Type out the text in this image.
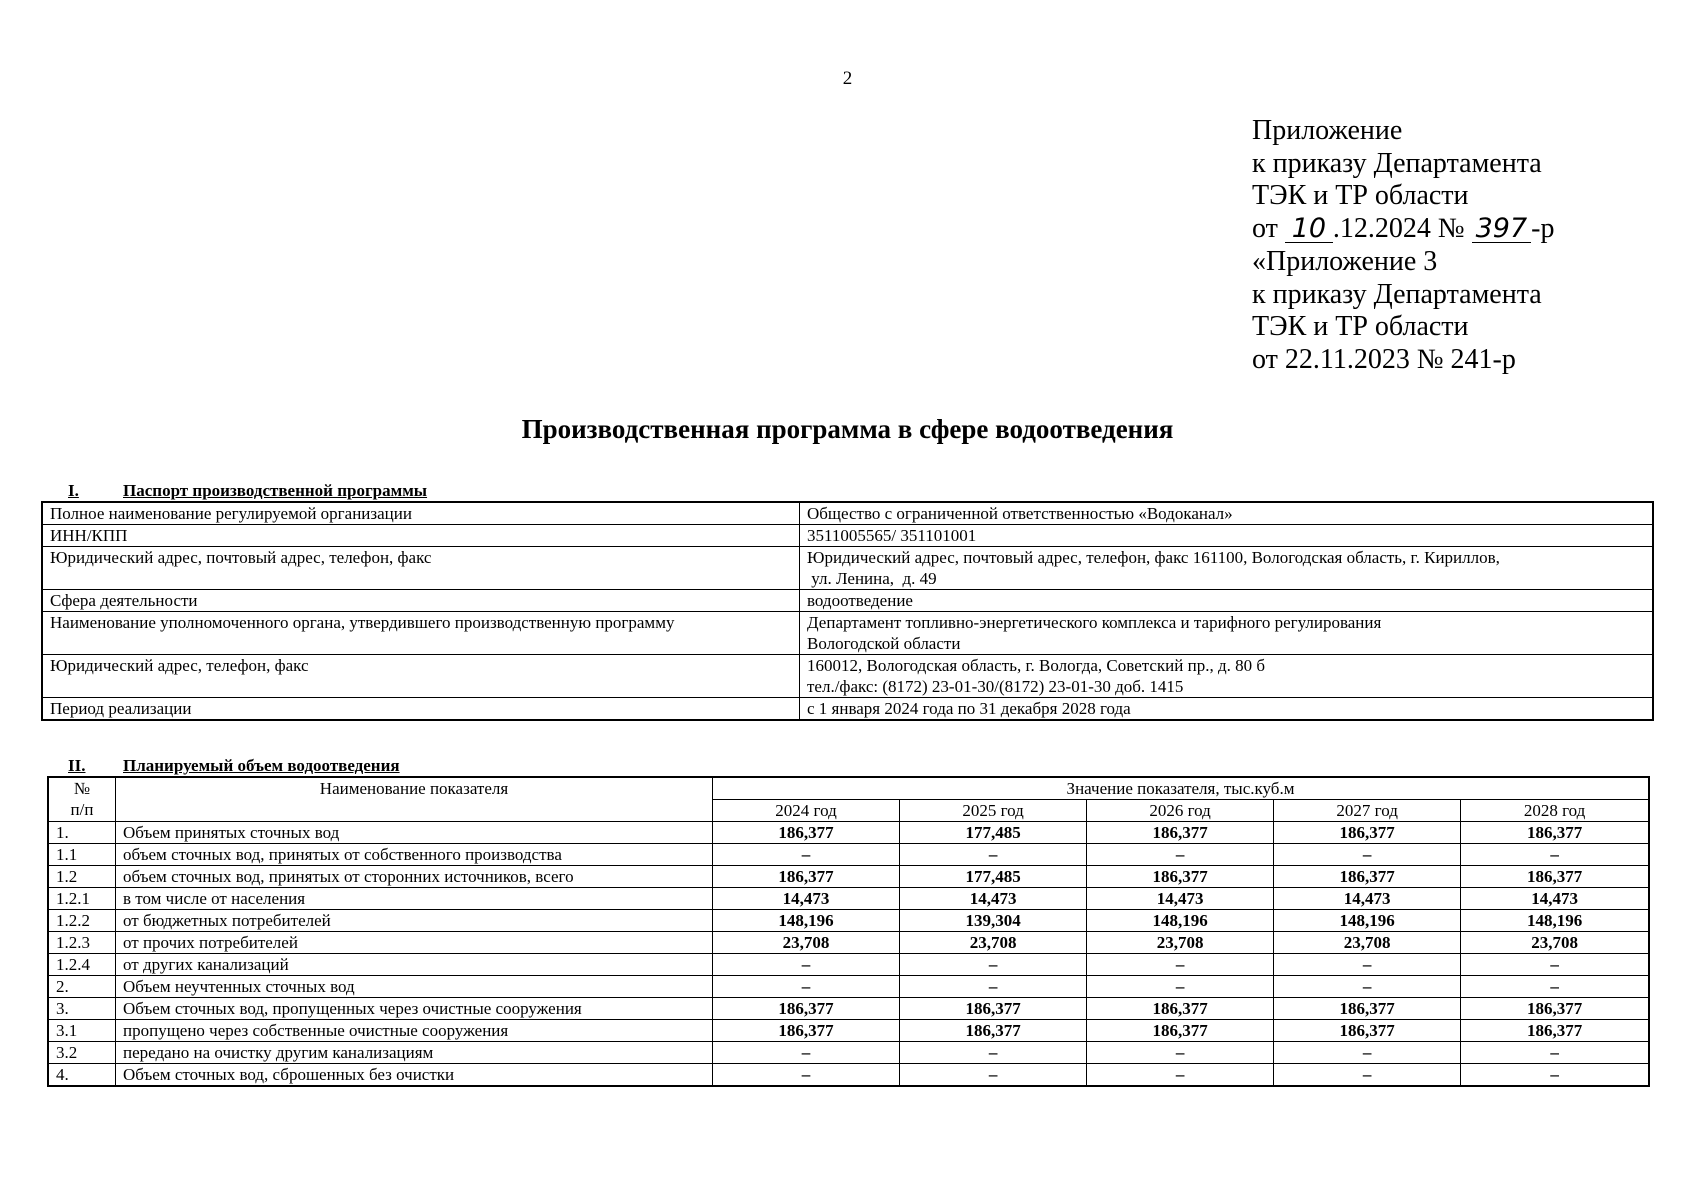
2
Приложение
к приказу Департамента
ТЭК и ТР области
от 10 .12.2024 № 397 -р
«Приложение 3
к приказу Департамента
ТЭК и ТР области
от 22.11.2023 № 241-р
Производственная программа в сфере водоотведения
I.	Паспорт производственной программы
Полное наименование регулируемой организации	Общество с ограниченной ответственностью «Водоканал»

ИНН/КПП	3511005565/ 351101001

Юридический адрес, почтовый адрес, телефон, факс	Юридический адрес, почтовый адрес, телефон, факс 161100, Вологодская область, г. Кириллов,
ул. Ленина,  д. 49

Сфера деятельности	водоотведение

Наименование уполномоченного органа, утвердившего производственную программу	Департамент топливно-энергетического комплекса и тарифного регулирования
Вологодской области

Юридический адрес, телефон, факс	160012, Вологодская область, г. Вологда, Советский пр., д. 80 б
тел./факс: (8172) 23-01-30/(8172) 23-01-30 доб. 1415

Период реализации	с 1 января 2024 года по 31 декабря 2028 года
II. Планируемый объем водоотведения
№
п/п	Наименование показателя	Значение показателя, тыс.куб.м				
		2024 год	2025 год	2026 год	2027 год	2028 год
1.	Объем принятых сточных вод	186,377	177,485	186,377	186,377	186,377
1.1	объем сточных вод, принятых от собственного производства	–	–	–	–	–
1.2	объем сточных вод, принятых от сторонних источников, всего	186,377	177,485	186,377	186,377	186,377
1.2.1	в том числе от населения	14,473	14,473	14,473	14,473	14,473
1.2.2	от бюджетных потребителей	148,196	139,304	148,196	148,196	148,196
1.2.3	от прочих потребителей	23,708	23,708	23,708	23,708	23,708
1.2.4	от других канализаций	–	–	–	–	–
2.	Объем неучтенных сточных вод	–	–	–	–	–
3.	Объем сточных вод, пропущенных через очистные сооружения	186,377	186,377	186,377	186,377	186,377
3.1	пропущено через собственные очистные сооружения	186,377	186,377	186,377	186,377	186,377
3.2	передано на очистку другим канализациям	–	–	–	–	–
4.	Объем сточных вод, сброшенных без очистки	–	–	–	–	–
